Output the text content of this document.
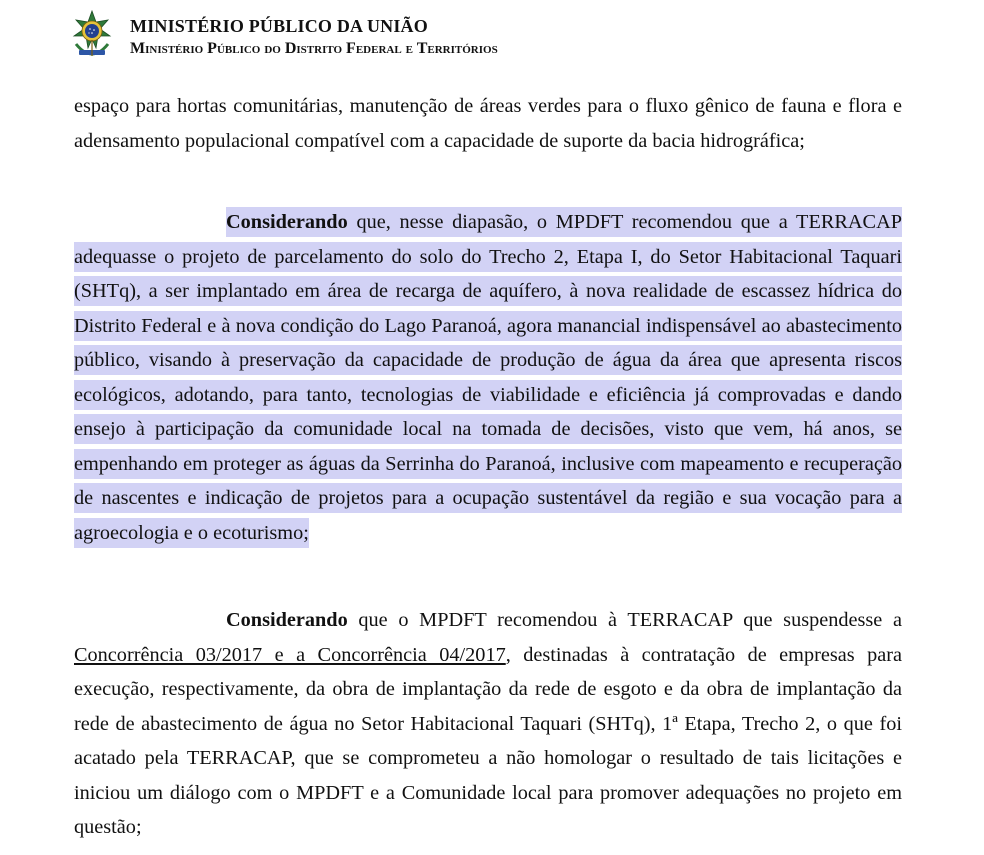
MINISTÉRIO PÚBLICO DA UNIÃO
Ministério Público do Distrito Federal e Territórios

espaço para hortas comunitárias, manutenção de áreas verdes para o fluxo gênico de fauna e flora e adensamento populacional compatível com a capacidade de suporte da bacia hidrográfica;

Considerando que, nesse diapasão, o MPDFT recomendou que a TERRACAP adequasse o projeto de parcelamento do solo do Trecho 2, Etapa I, do Setor Habitacional Taquari (SHTq), a ser implantado em área de recarga de aquífero, à nova realidade de escassez hídrica do Distrito Federal e à nova condição do Lago Paranoá, agora manancial indispensável ao abastecimento público, visando à preservação da capacidade de produção de água da área que apresenta riscos ecológicos, adotando, para tanto, tecnologias de viabilidade e eficiência já comprovadas e dando ensejo à participação da comunidade local na tomada de decisões, visto que vem, há anos, se empenhando em proteger as águas da Serrinha do Paranoá, inclusive com mapeamento e recuperação de nascentes e indicação de projetos para a ocupação sustentável da região e sua vocação para a agroecologia e o ecoturismo;

Considerando que o MPDFT recomendou à TERRACAP que suspendesse a Concorrência 03/2017 e a Concorrência 04/2017, destinadas à contratação de empresas para execução, respectivamente, da obra de implantação da rede de esgoto e da obra de implantação da rede de abastecimento de água no Setor Habitacional Taquari (SHTq), 1ª Etapa, Trecho 2, o que foi acatado pela TERRACAP, que se comprometeu a não homologar o resultado de tais licitações e iniciou um diálogo com o MPDFT e a Comunidade local para promover adequações no projeto em questão;
